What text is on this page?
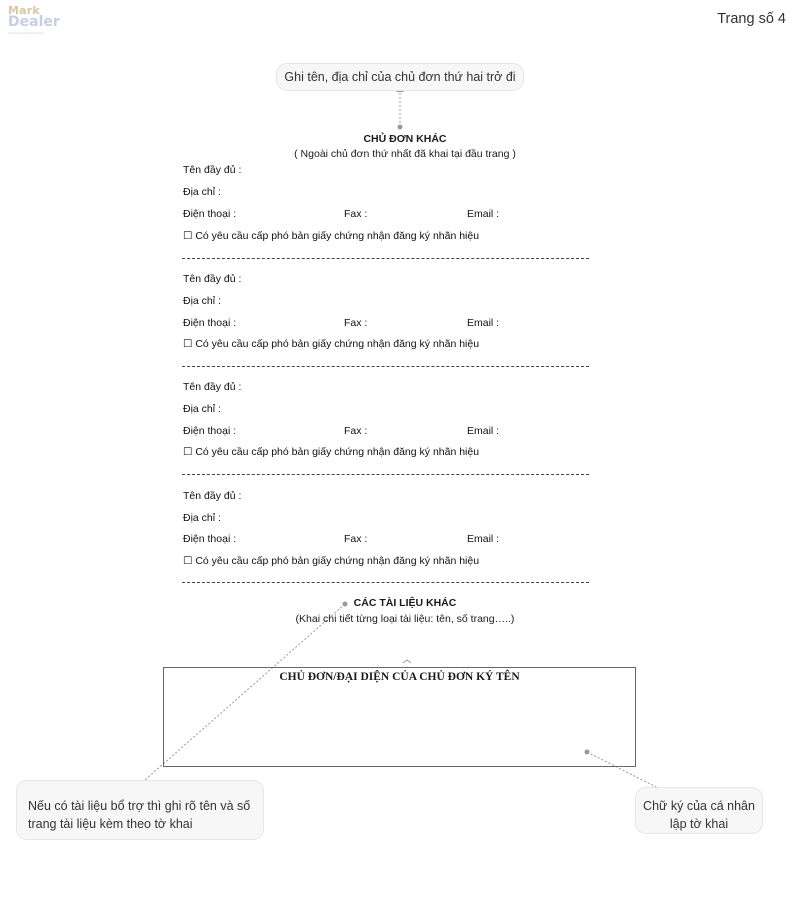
Mark
Dealer
Professional Brand Service
Trang số 4
Ghi tên, địa chỉ của chủ đơn thứ hai trở đi
Nếu có tài liệu bổ trợ thì ghi rõ tên và số
trang tài liệu kèm theo tờ khai
Chữ ký của cá nhân
lập tờ khai
CHỦ ĐƠN KHÁC
( Ngoài chủ đơn thứ nhất đã khai tại đầu trang )
Tên đầy đủ :
Địa chỉ :
Điện thoại :	Fax :	Email :
☐ Có yêu cầu cấp phó bản giấy chứng nhận đăng ký nhãn hiệu
Tên đầy đủ :
Địa chỉ :
Điện thoại :	Fax :	Email :
☐ Có yêu cầu cấp phó bản giấy chứng nhận đăng ký nhãn hiệu
Tên đầy đủ :
Địa chỉ :
Điện thoại :	Fax :	Email :
☐ Có yêu cầu cấp phó bản giấy chứng nhận đăng ký nhãn hiệu
Tên đầy đủ :
Địa chỉ :
Điện thoại :	Fax :	Email :
☐ Có yêu cầu cấp phó bản giấy chứng nhận đăng ký nhãn hiệu
CÁC TÀI LIỆU KHÁC
(Khai chi tiết từng loại tài liệu: tên, số trang…..)
CHỦ ĐƠN/ĐẠI DIỆN CỦA CHỦ ĐƠN KÝ TÊN
